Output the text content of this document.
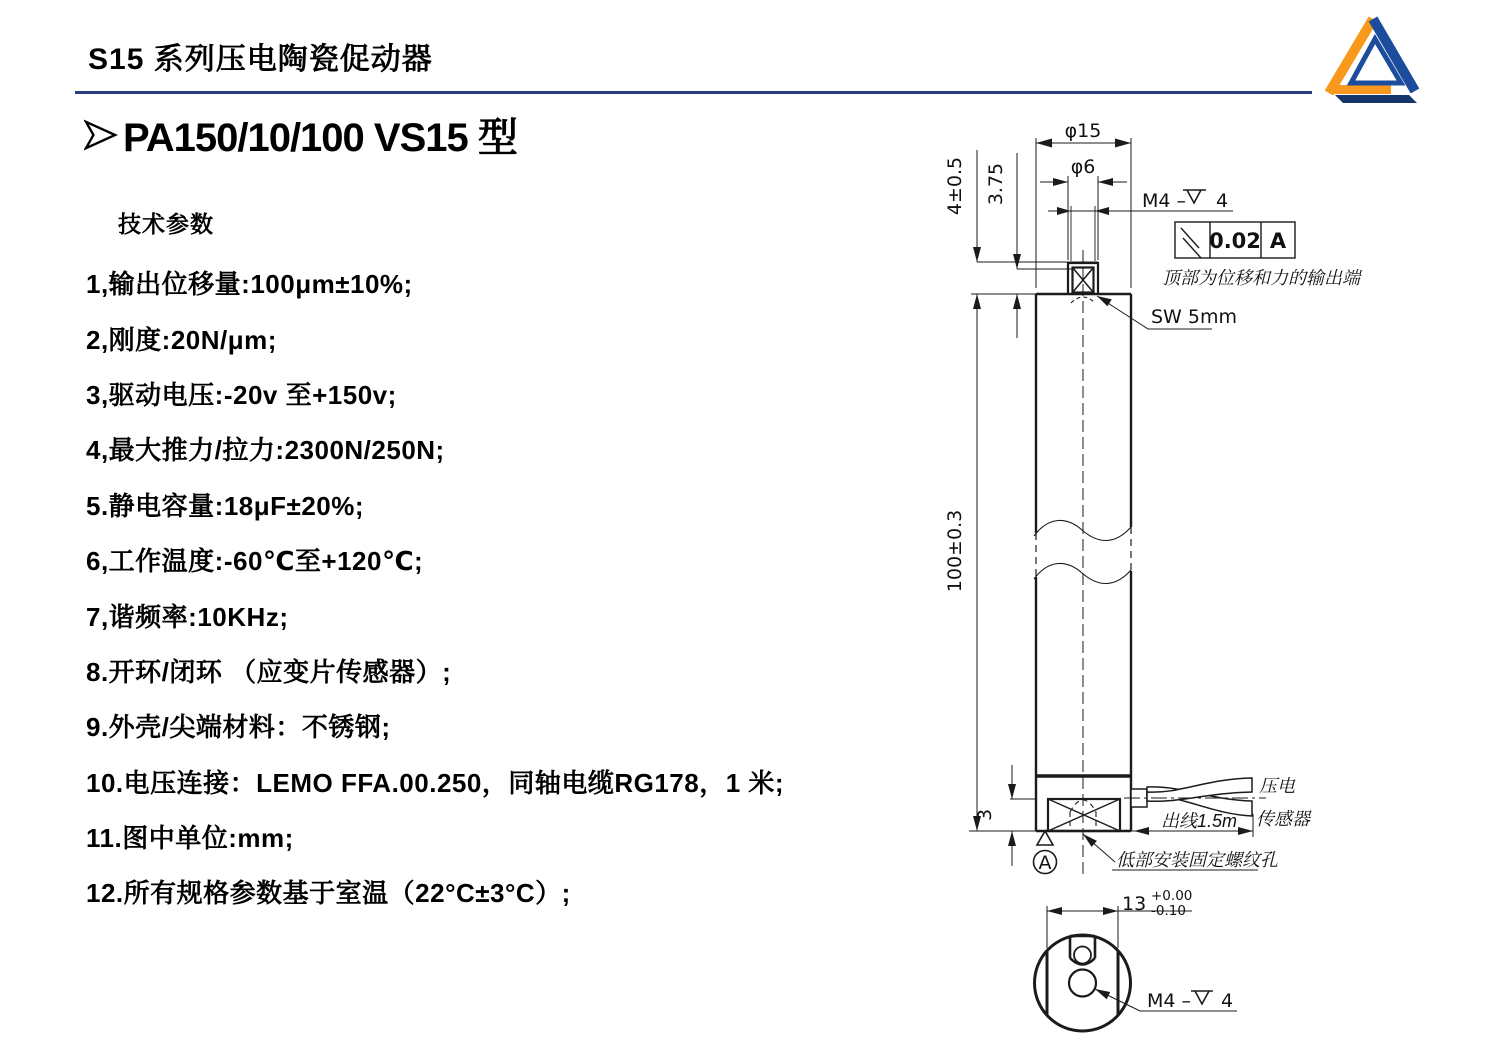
S15 系列压电陶瓷促动器
PA150/10/100 VS15 型
技术参数
1,输出位移量:100μm±10%;
2,刚度:20N/μm;
3,驱动电压:-20v 至+150v;
4,最大推力/拉力:2300N/250N;
5.静电容量:18μF±20%;
6,工作温度:-60℃至+120℃;
7,谐频率:10KHz;
8.开环/闭环 （应变片传感器）;
9.外壳/尖端材料：不锈钢;
10.电压连接：LEMO FFA.00.250，同轴电缆RG178，1 米;
11.图中单位:mm;
12.所有规格参数基于室温（22°C±3°C）;
φ15
φ6
M4 – 4
0.02 A
顶部为位移和力的输出端
SW 5mm
4±0.5 3.75
100±0.3
3	出线1.5m
压电
传感器
低部安装固定螺纹孔
A
13 +0.00
-0.10
M4 – 4
